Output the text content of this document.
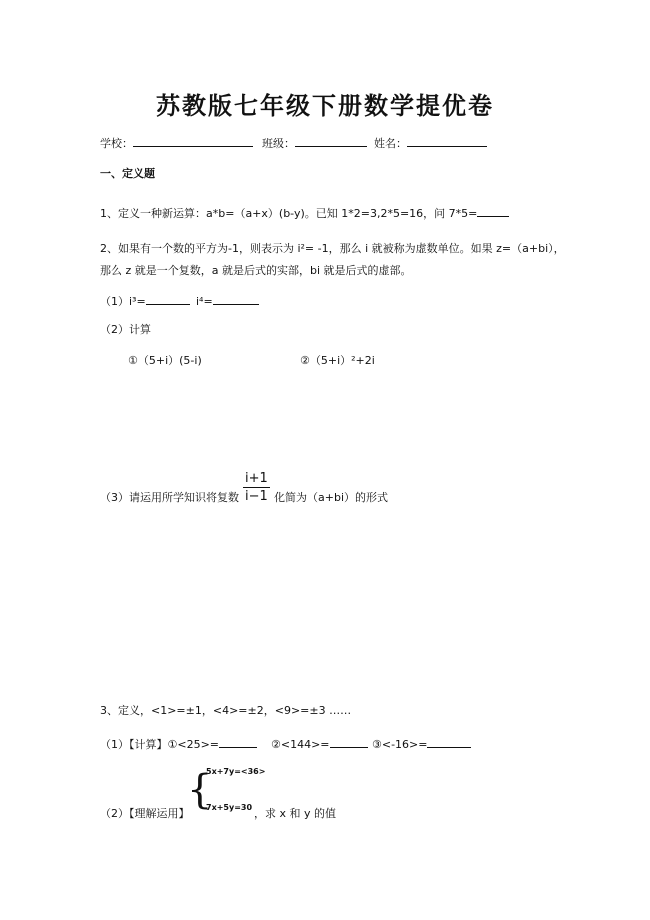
苏教版七年级下册数学提优卷
学校：	班级：	姓名：
一、定义题
1、定义一种新运算：a*b=（a+x）(b-y)。已知 1*2=3,2*5=16，问 7*5=
2、如果有一个数的平方为-1，则表示为 i²= -1，那么 i 就被称为虚数单位。如果 z=（a+bi），
那么 z 就是一个复数，a 就是后式的实部，bi 就是后式的虚部。
（1）i³=	i⁴=
（2）计算
①（5+i）(5-i)	②（5+i）²+2i
（3）请运用所学知识将复数 $\frac{i+1}{i-1}$ 化简为（a+bi）的形式
3、定义，<1>=±1，<4>=±2，<9>=±3 ……
（1）【计算】①<25>=	②<144>=	③<-16>=
{
5x+7y=<36>
7x+5y=30
（2）【理解运用】	，求 x 和 y 的值
